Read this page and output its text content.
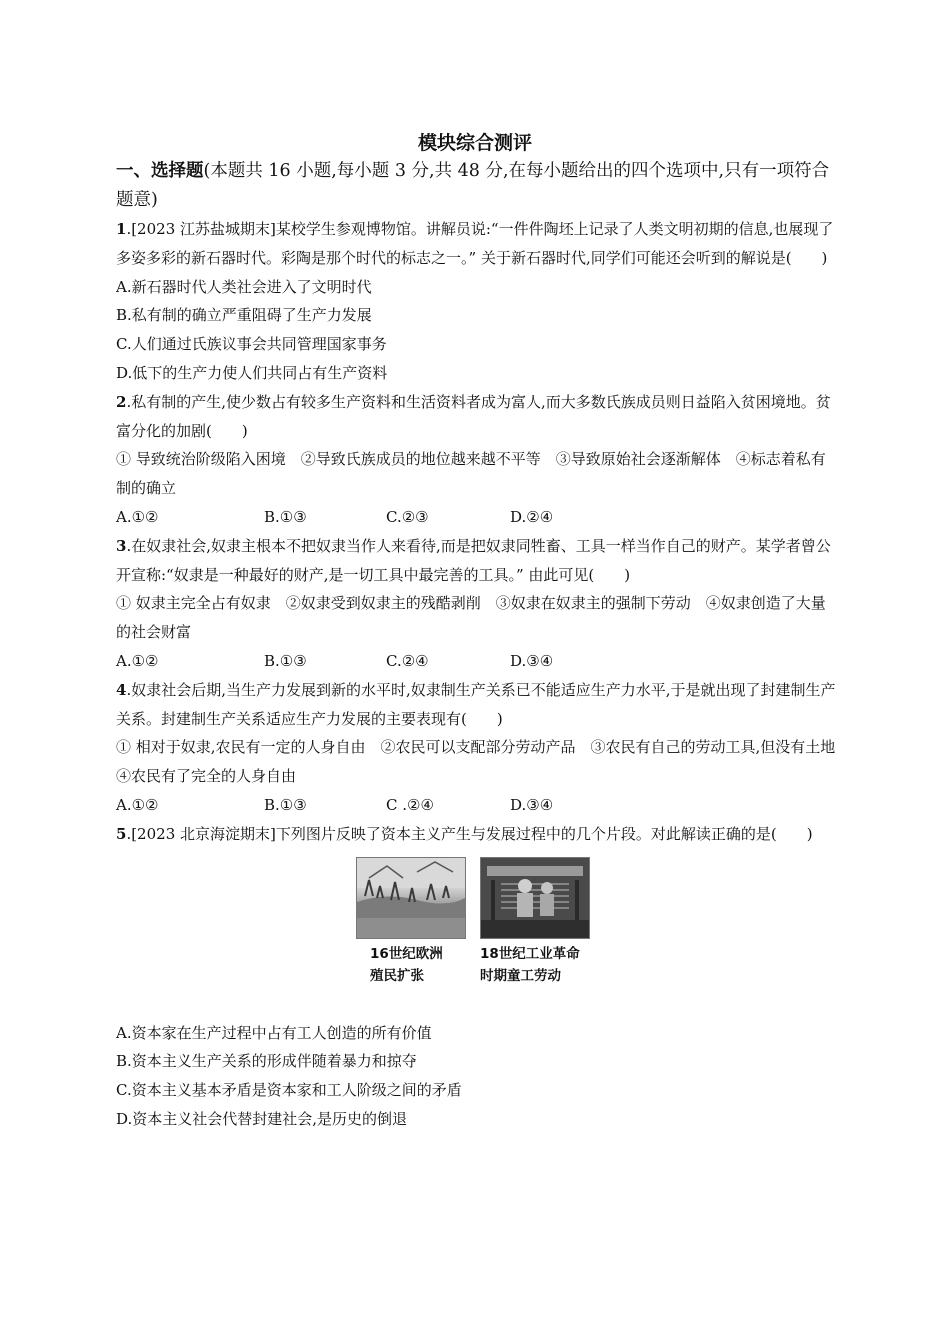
模块综合测评
一、选择题(本题共 16 小题,每小题 3 分,共 48 分,在每小题给出的四个选项中,只有一项符合题意)

1.[2023 江苏盐城期末]某校学生参观博物馆。讲解员说:“一件件陶坯上记录了人类文明初期的信息,也展现了多姿多彩的新石器时代。彩陶是那个时代的标志之一。” 关于新石器时代,同学们可能还会听到的解说是(　　)

A.新石器时代人类社会进入了文明时代

B.私有制的确立严重阻碍了生产力发展

C.人们通过氏族议事会共同管理国家事务

D.低下的生产力使人们共同占有生产资料

2.私有制的产生,使少数占有较多生产资料和生活资料者成为富人,而大多数氏族成员则日益陷入贫困境地。贫富分化的加剧(　　)

① 导致统治阶级陷入困境　②导致氏族成员的地位越来越不平等　③导致原始社会逐渐解体　④标志着私有制的确立

A.①②	B.①③	C.②③	D.②④

3.在奴隶社会,奴隶主根本不把奴隶当作人来看待,而是把奴隶同牲畜、工具一样当作自己的财产。某学者曾公开宣称:“奴隶是一种最好的财产,是一切工具中最完善的工具。” 由此可见(　　)

① 奴隶主完全占有奴隶　②奴隶受到奴隶主的残酷剥削　③奴隶在奴隶主的强制下劳动　④奴隶创造了大量的社会财富

A.①②	B.①③	C.②④	D.③④

4.奴隶社会后期,当生产力发展到新的水平时,奴隶制生产关系已不能适应生产力水平,于是就出现了封建制生产关系。封建制生产关系适应生产力发展的主要表现有(　　)

① 相对于奴隶,农民有一定的人身自由　②农民可以支配部分劳动产品　③农民有自己的劳动工具,但没有土地　④农民有了完全的人身自由

A.①②	B.①③	C .②④	D.③④

5.[2023 北京海淀期末]下列图片反映了资本主义产生与发展过程中的几个片段。对此解读正确的是(　　)

16世纪欧洲
殖民扩张
18世纪工业革命
时期童工劳动

A.资本家在生产过程中占有工人创造的所有价值

B.资本主义生产关系的形成伴随着暴力和掠夺

C.资本主义基本矛盾是资本家和工人阶级之间的矛盾

D.资本主义社会代替封建社会,是历史的倒退
